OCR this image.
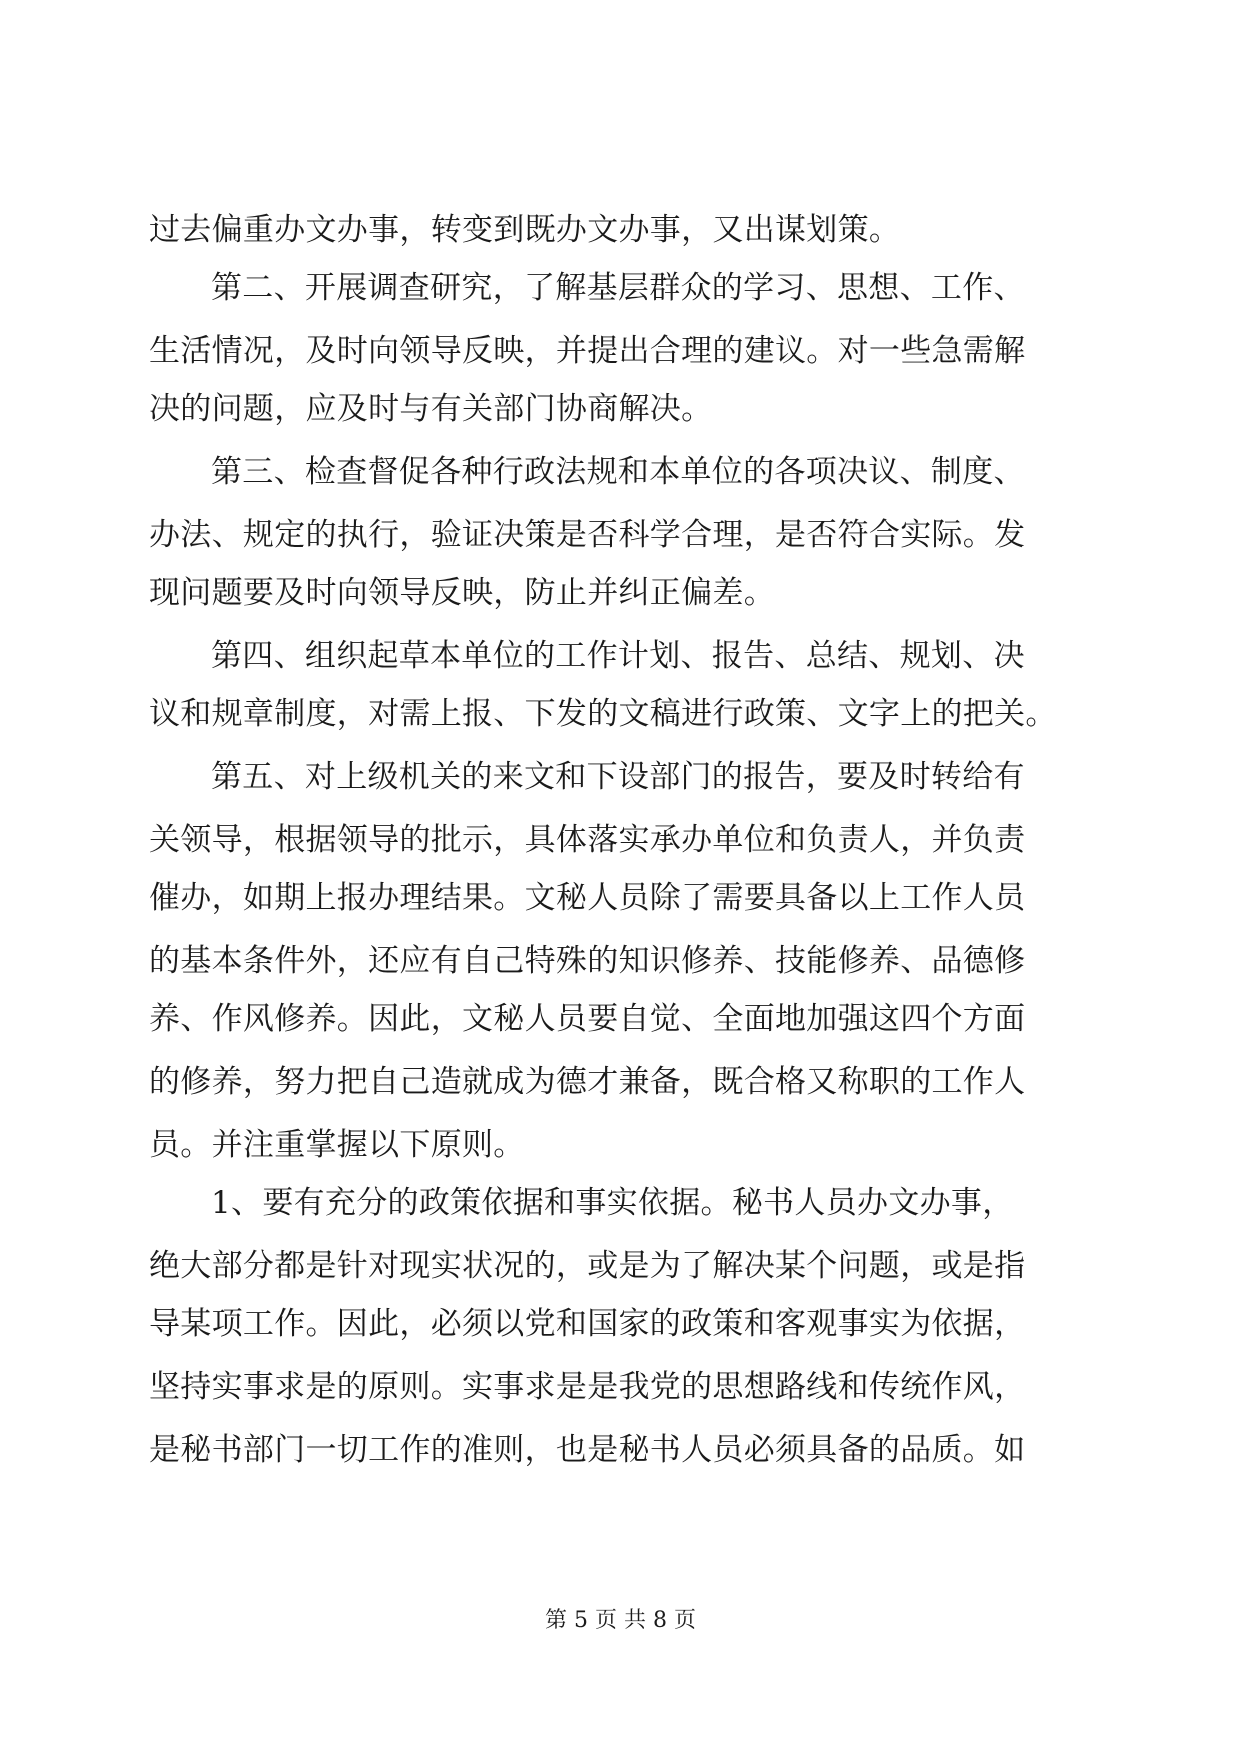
过去偏重办文办事，转变到既办文办事，又出谋划策。
第二、开展调查研究，了解基层群众的学习、思想、工作、
生活情况，及时向领导反映，并提出合理的建议。对一些急需解
决的问题，应及时与有关部门协商解决。
第三、检查督促各种行政法规和本单位的各项决议、制度、
办法、规定的执行，验证决策是否科学合理，是否符合实际。发
现问题要及时向领导反映，防止并纠正偏差。
第四、组织起草本单位的工作计划、报告、总结、规划、决
议和规章制度，对需上报、下发的文稿进行政策、文字上的把关。
第五、对上级机关的来文和下设部门的报告，要及时转给有
关领导，根据领导的批示，具体落实承办单位和负责人，并负责
催办，如期上报办理结果。文秘人员除了需要具备以上工作人员
的基本条件外，还应有自己特殊的知识修养、技能修养、品德修
养、作风修养。因此，文秘人员要自觉、全面地加强这四个方面
的修养，努力把自己造就成为德才兼备，既合格又称职的工作人
员。并注重掌握以下原则。
1、要有充分的政策依据和事实依据。秘书人员办文办事，
绝大部分都是针对现实状况的，或是为了解决某个问题，或是指
导某项工作。因此，必须以党和国家的政策和客观事实为依据，
坚持实事求是的原则。实事求是是我党的思想路线和传统作风，
是秘书部门一切工作的准则，也是秘书人员必须具备的品质。如
第 5 页 共 8 页
